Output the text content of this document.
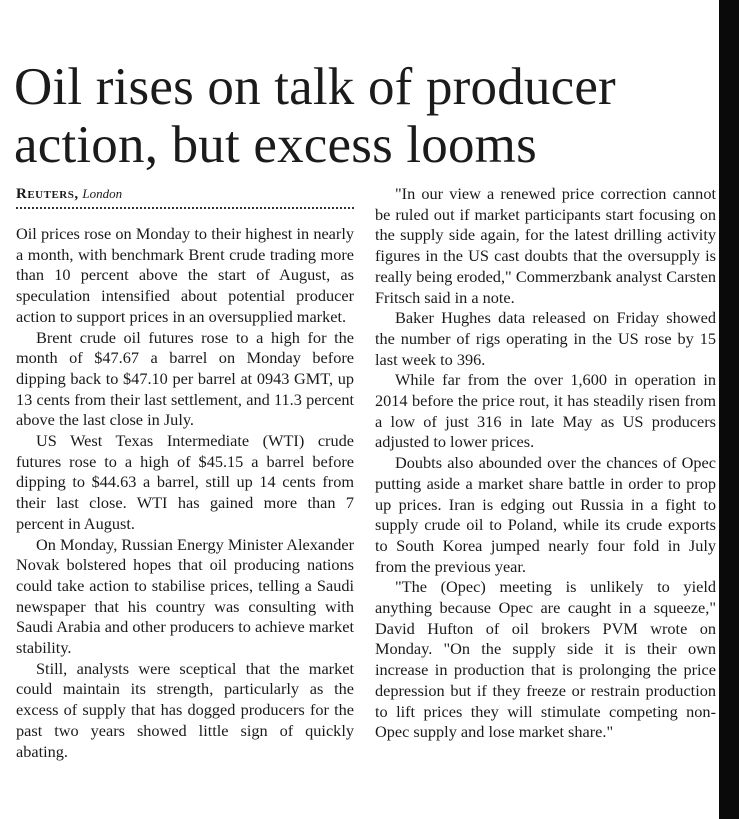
Oil rises on talk of producer action, but excess looms
Reuters, London

Oil prices rose on Monday to their highest in nearly a month, with benchmark Brent crude trading more than 10 percent above the start of August, as speculation intensified about potential producer action to support prices in an oversupplied market.

Brent crude oil futures rose to a high for the month of $47.67 a barrel on Monday before dipping back to $47.10 per barrel at 0943 GMT, up 13 cents from their last settlement, and 11.3 percent above the last close in July.

US West Texas Intermediate (WTI) crude futures rose to a high of $45.15 a barrel before dipping to $44.63 a barrel, still up 14 cents from their last close. WTI has gained more than 7 percent in August.

On Monday, Russian Energy Minister Alexander Novak bolstered hopes that oil producing nations could take action to stabilise prices, telling a Saudi newspaper that his country was consulting with Saudi Arabia and other producers to achieve market stability.

Still, analysts were sceptical that the market could maintain its strength, particularly as the excess of supply that has dogged producers for the past two years showed little sign of quickly abating.

"In our view a renewed price correction cannot be ruled out if market participants start focusing on the supply side again, for the latest drilling activity figures in the US cast doubts that the oversupply is really being eroded," Commerzbank analyst Carsten Fritsch said in a note.

Baker Hughes data released on Friday showed the number of rigs operating in the US rose by 15 last week to 396.

While far from the over 1,600 in operation in 2014 before the price rout, it has steadily risen from a low of just 316 in late May as US producers adjusted to lower prices.

Doubts also abounded over the chances of Opec putting aside a market share battle in order to prop up prices. Iran is edging out Russia in a fight to supply crude oil to Poland, while its crude exports to South Korea jumped nearly four fold in July from the previous year.

"The (Opec) meeting is unlikely to yield anything because Opec are caught in a squeeze," David Hufton of oil brokers PVM wrote on Monday. "On the supply side it is their own increase in production that is prolonging the price depression but if they freeze or restrain production to lift prices they will stimulate competing non-Opec supply and lose market share."
